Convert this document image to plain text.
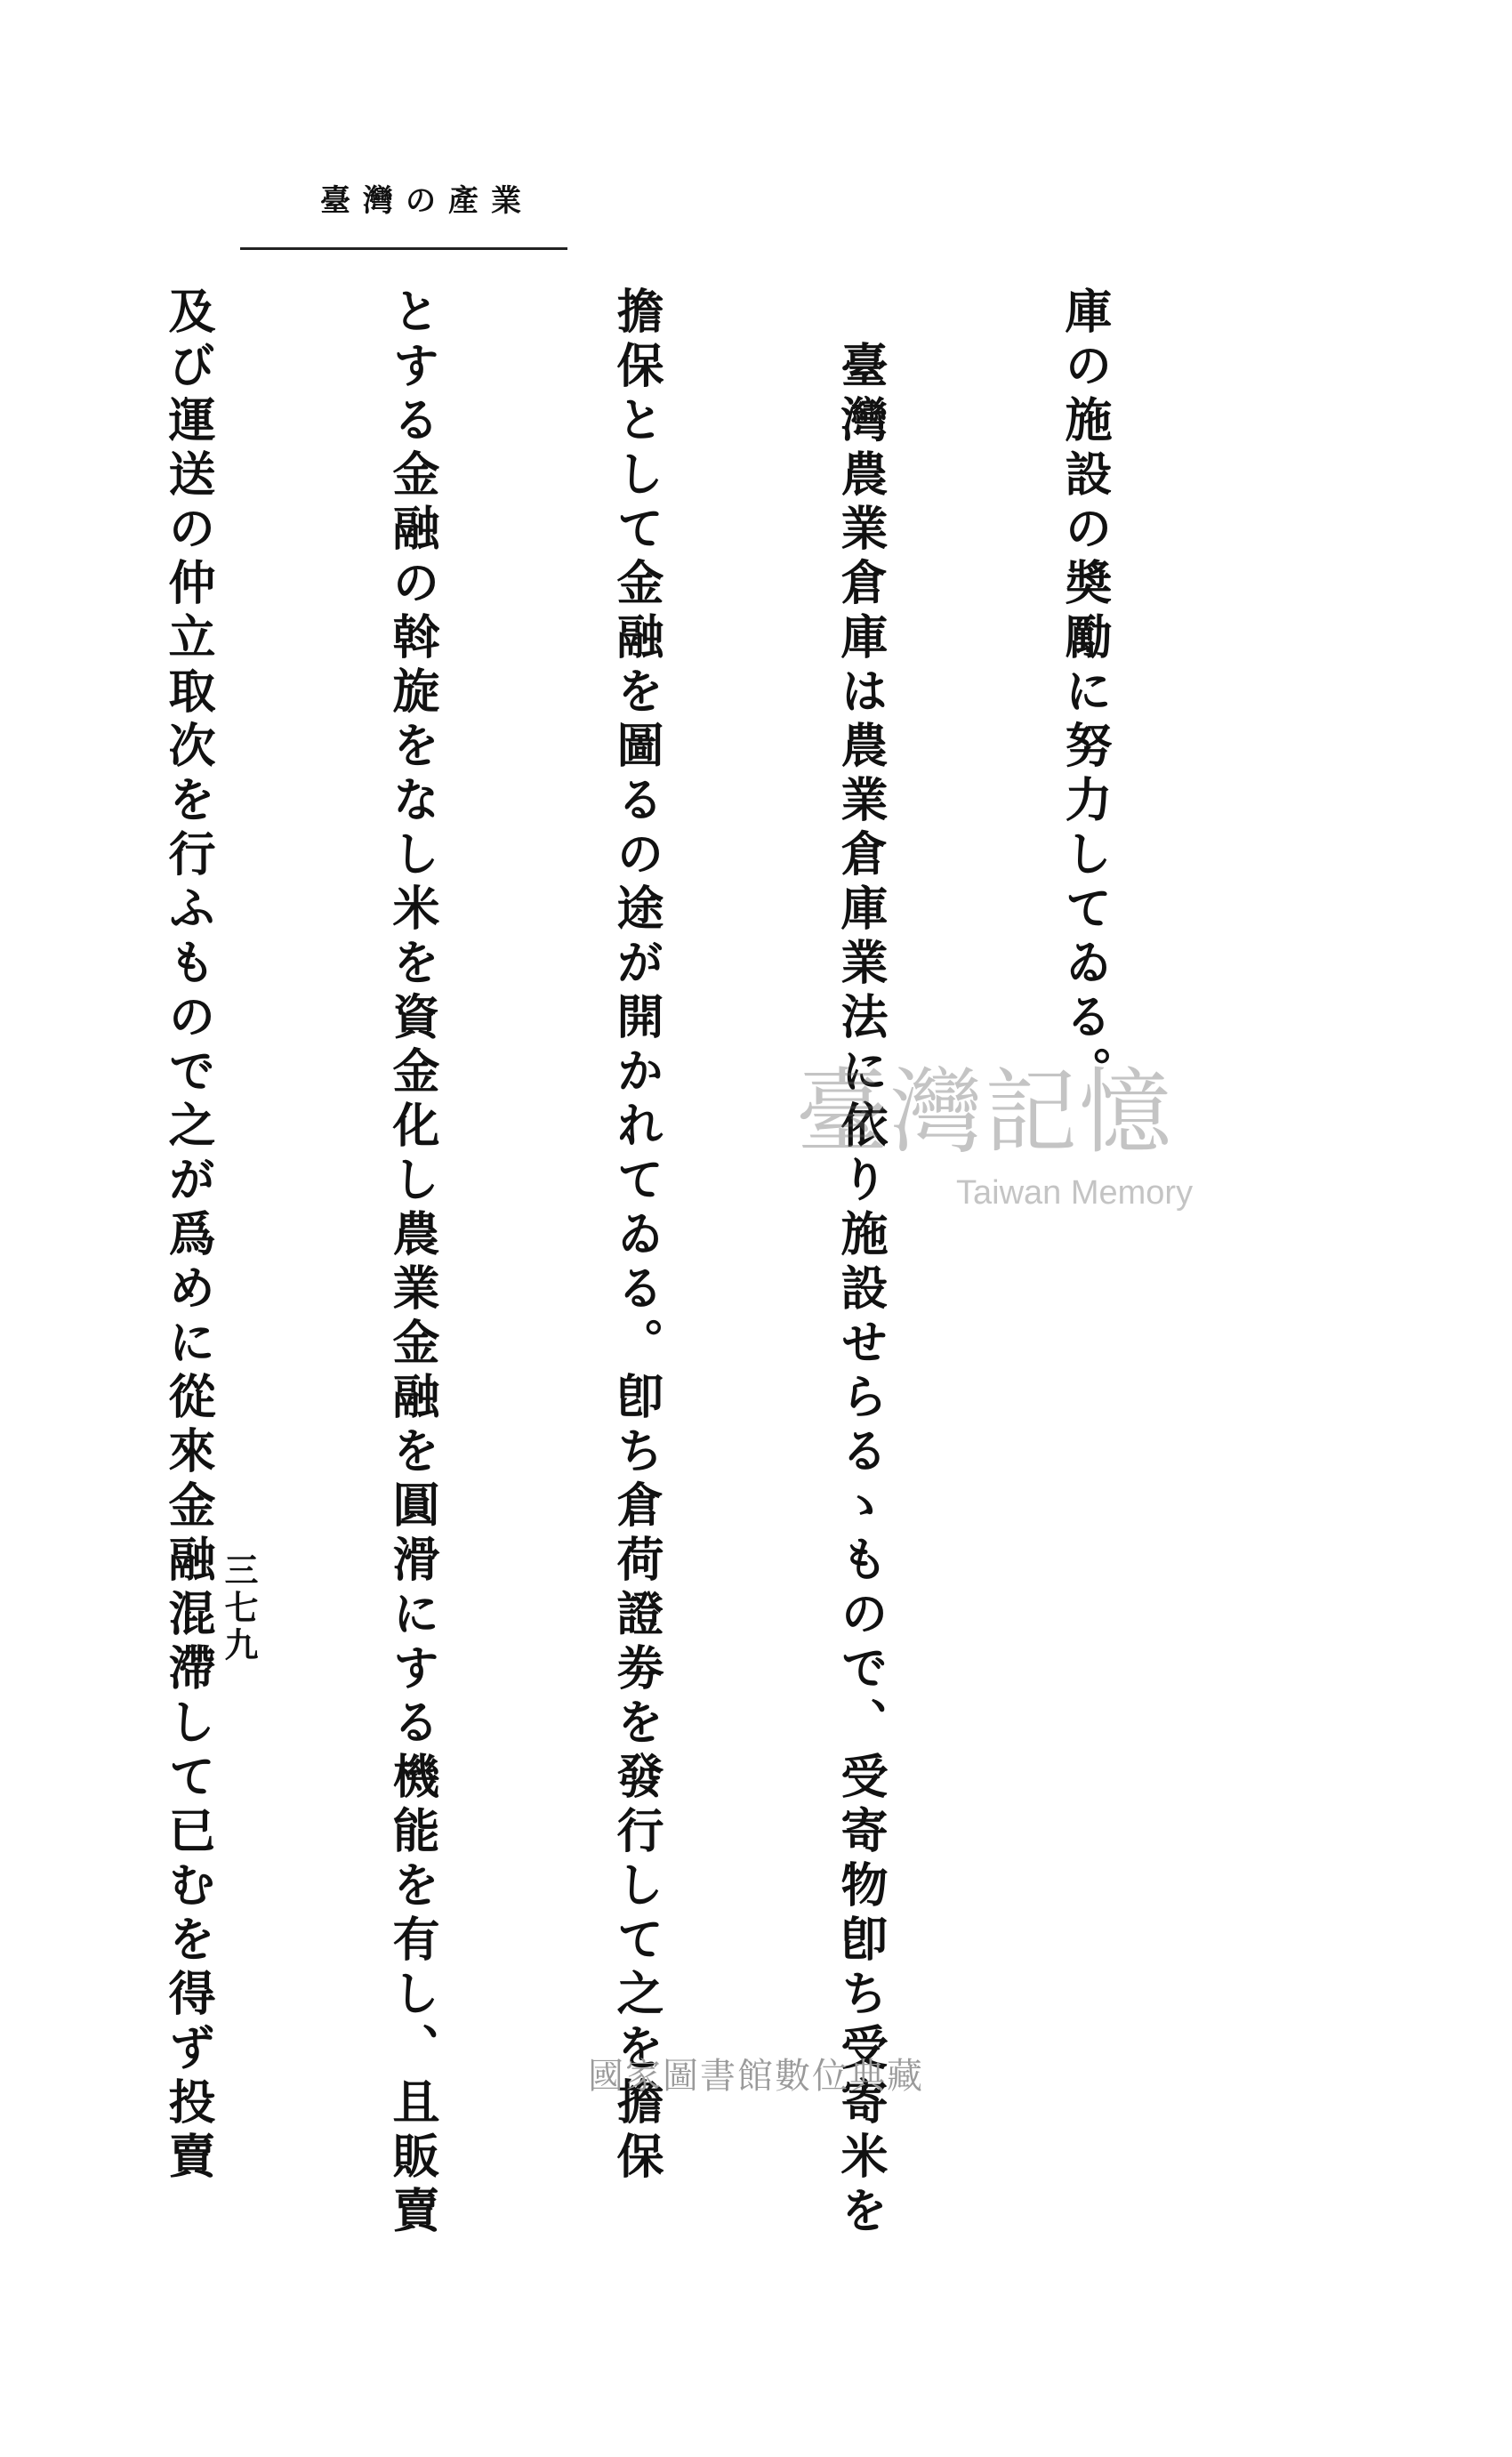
臺灣の產業

庫の施設の奬勵に努力してゐる。

　臺灣農業倉庫は農業倉庫業法に依り施設せらるゝもので、受寄物卽ち受寄米を

擔保として金融を圖るの途が開かれてゐる。卽ち倉荷證劵を發行して之を擔保

とする金融の斡旋をなし米を資金化し農業金融を圓滑にする機能を有し、且販賣

及び運送の仲立取次を行ふもので之が爲めに從來金融混滯して已むを得ず投賣

三七九
臺灣記憶
Taiwan Memory
國家圖書館數位典藏
